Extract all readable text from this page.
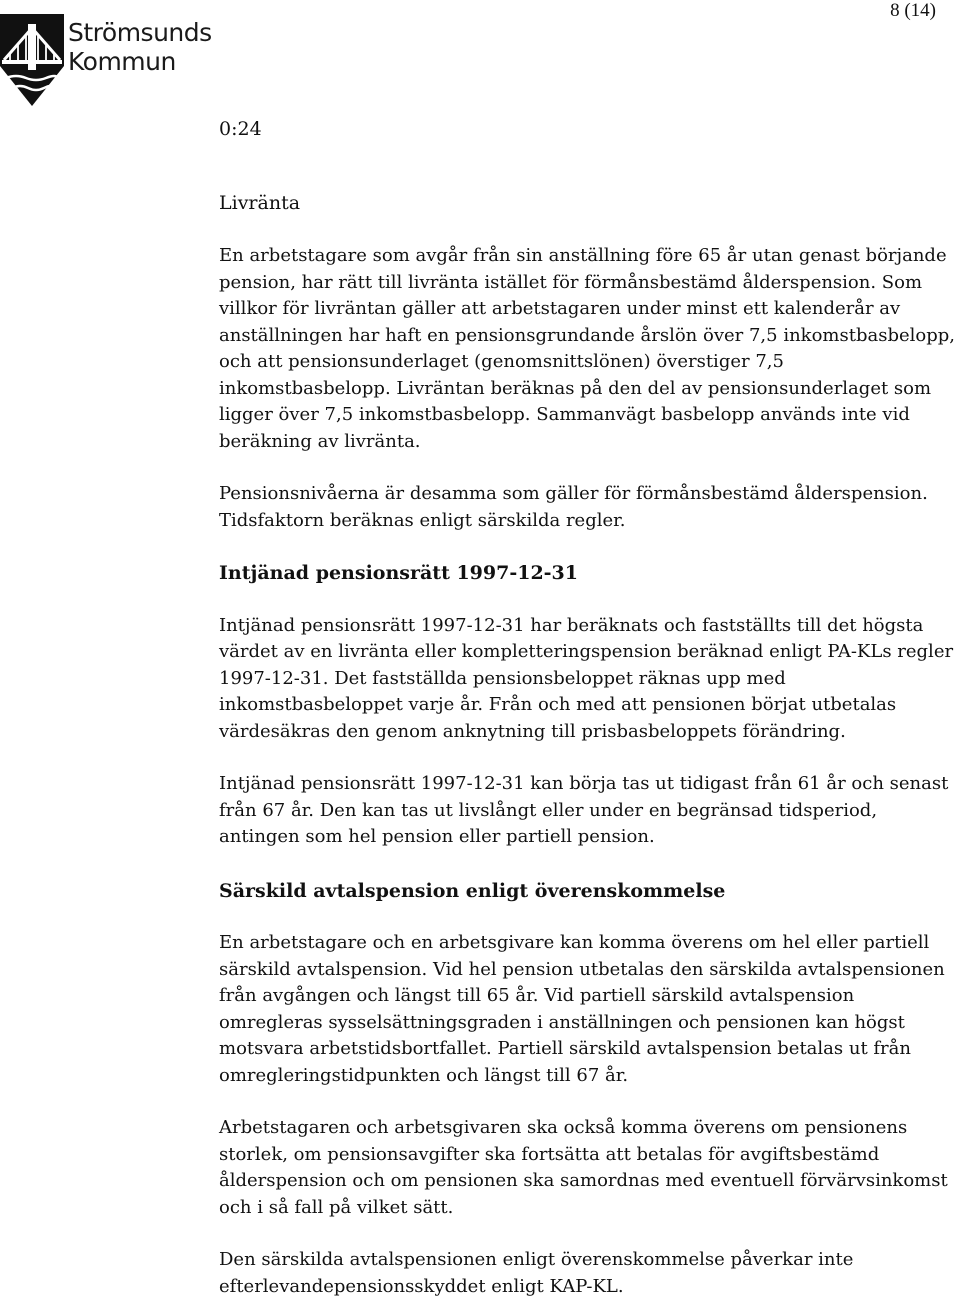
8 (14)
Strömsunds
Kommun

0:24

Livränta

En arbetstagare som avgår från sin anställning före 65 år utan genast börjande pension, har rätt till livränta istället för förmånsbestämd ålderspension. Som villkor för livräntan gäller att arbetstagaren under minst ett kalenderår av anställningen har haft en pensionsgrundande årslön över 7,5 inkomstbasbelopp, och att pensionsunderlaget (genomsnittslönen) överstiger 7,5 inkomstbasbelopp. Livräntan beräknas på den del av pensionsunderlaget som ligger över 7,5 inkomstbasbelopp. Sammanvägt basbelopp används inte vid beräkning av livränta.

Pensionsnivåerna är desamma som gäller för förmånsbestämd ålderspension. Tidsfaktorn beräknas enligt särskilda regler.

Intjänad pensionsrätt 1997-12-31

Intjänad pensionsrätt 1997-12-31 har beräknats och fastställts till det högsta värdet av en livränta eller kompletteringspension beräknad enligt PA-KLs regler 1997-12-31. Det fastställda pensionsbeloppet räknas upp med inkomstbasbeloppet varje år. Från och med att pensionen börjat utbetalas värdesäkras den genom anknytning till prisbasbeloppets förändring.

Intjänad pensionsrätt 1997-12-31 kan börja tas ut tidigast från 61 år och senast från 67 år. Den kan tas ut livslångt eller under en begränsad tidsperiod, antingen som hel pension eller partiell pension.

Särskild avtalspension enligt överenskommelse

En arbetstagare och en arbetsgivare kan komma överens om hel eller partiell särskild avtalspension. Vid hel pension utbetalas den särskilda avtalspensionen från avgången och längst till 65 år. Vid partiell särskild avtalspension omregleras sysselsättningsgraden i anställningen och pensionen kan högst motsvara arbetstidsbortfallet. Partiell särskild avtalspension betalas ut från omregleringstidpunkten och längst till 67 år.

Arbetstagaren och arbetsgivaren ska också komma överens om pensionens storlek, om pensionsavgifter ska fortsätta att betalas för avgiftsbestämd ålderspension och om pensionen ska samordnas med eventuell förvärvsinkomst och i så fall på vilket sätt.

Den särskilda avtalspensionen enligt överenskommelse påverkar inte efterlevandepensionsskyddet enligt KAP-KL.
